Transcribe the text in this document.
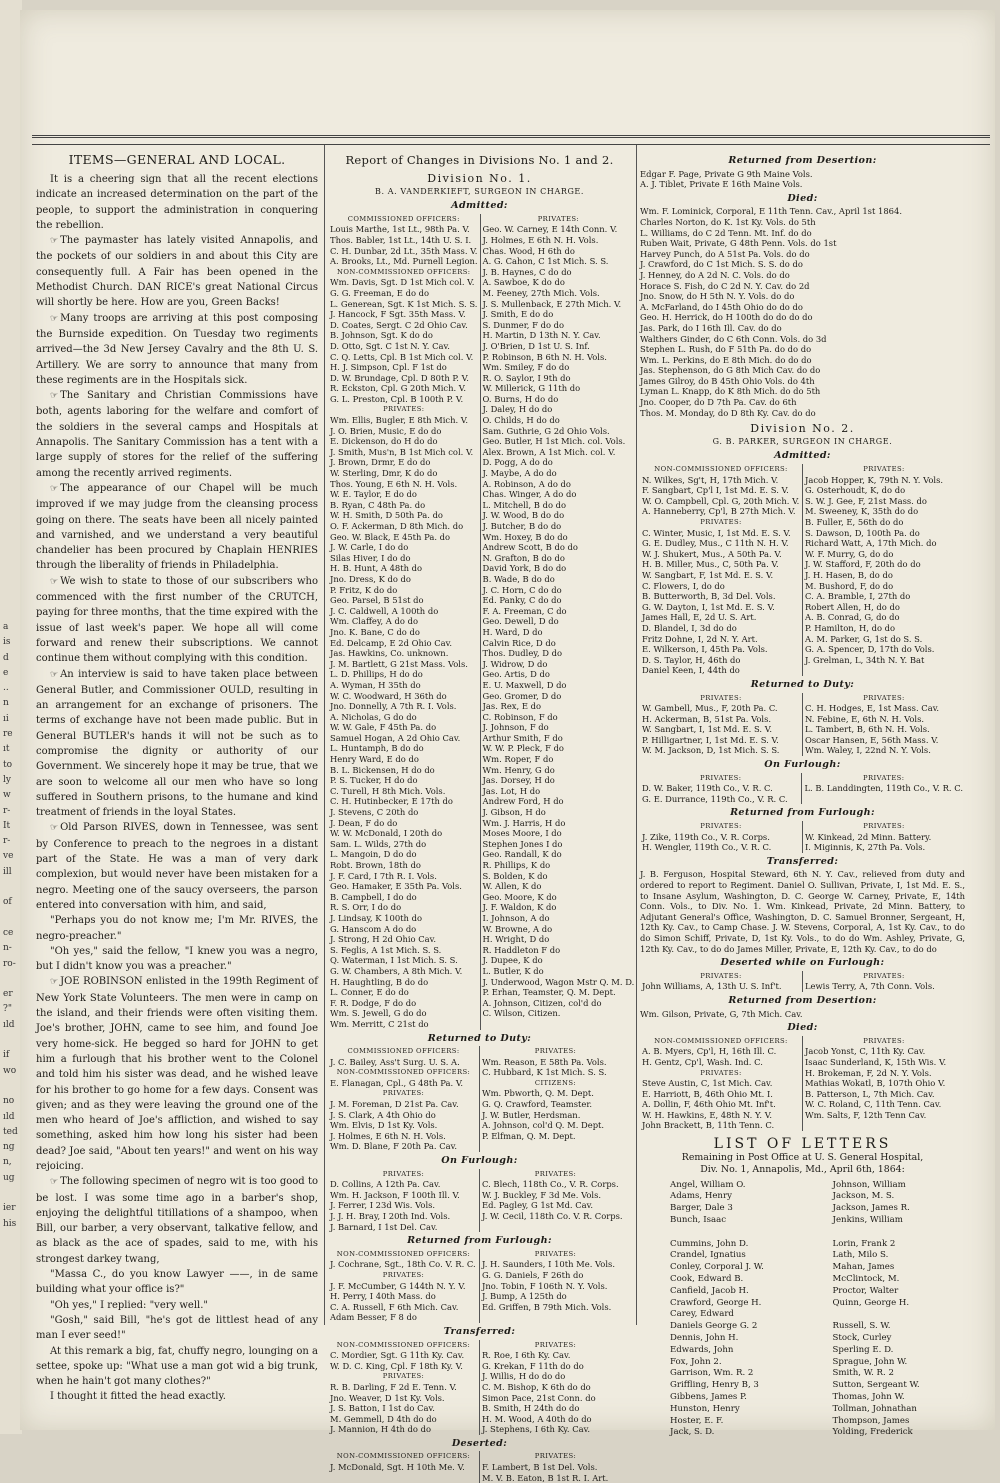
a
is
d
e
..
n
ıi
re
ıt
to
ly
w
r-
It
r-
ve
ill

of

ce
n-
ro-

er
?"
ıld

if
wo

no
ıld
ted
ng
n,
ug

ier
his
ITEMS—GENERAL AND LOCAL.

It is a cheering sign that all the recent elections indicate an increased determination on the part of the people, to support the administration in conquering the rebellion.

☞ The paymaster has lately visited Annapolis, and the pockets of our soldiers in and about this City are consequently full. A Fair has been opened in the Methodist Church. DAN RICE's great National Circus will shortly be here. How are you, Green Backs!

☞ Many troops are arriving at this post composing the Burnside expedition. On Tuesday two regiments arrived—the 3d New Jersey Cavalry and the 8th U. S. Artillery. We are sorry to announce that many from these regiments are in the Hospitals sick.

☞ The Sanitary and Christian Commissions have both, agents laboring for the welfare and comfort of the soldiers in the several camps and Hospitals at Annapolis. The Sanitary Commission has a tent with a large supply of stores for the relief of the suffering among the recently arrived regiments.

☞ The appearance of our Chapel will be much improved if we may judge from the cleansing process going on there. The seats have been all nicely painted and varnished, and we understand a very beautiful chandelier has been procured by Chaplain HENRIES through the liberality of friends in Philadelphia.

☞ We wish to state to those of our subscribers who commenced with the first number of the CRUTCH, paying for three months, that the time expired with the issue of last week's paper. We hope all will come forward and renew their subscriptions. We cannot continue them without complying with this condition.

☞ An interview is said to have taken place between General Butler, and Commissioner OULD, resulting in an arrangement for an exchange of prisoners. The terms of exchange have not been made public. But in General BUTLER's hands it will not be such as to compromise the dignity or authority of our Government. We sincerely hope it may be true, that we are soon to welcome all our men who have so long suffered in Southern prisons, to the humane and kind treatment of friends in the loyal States.

☞ Old Parson RIVES, down in Tennessee, was sent by Conference to preach to the negroes in a distant part of the State. He was a man of very dark complexion, but would never have been mistaken for a negro. Meeting one of the saucy overseers, the parson entered into conversation with him, and said,

"Perhaps you do not know me; I'm Mr. RIVES, the negro-preacher."

"Oh yes," said the fellow, "I knew you was a negro, but I didn't know you was a preacher."

☞ JOE ROBINSON enlisted in the 199th Regiment of New York State Volunteers. The men were in camp on the island, and their friends were often visiting them. Joe's brother, JOHN, came to see him, and found Joe very home-sick. He begged so hard for JOHN to get him a furlough that his brother went to the Colonel and told him his sister was dead, and he wished leave for his brother to go home for a few days. Consent was given; and as they were leaving the ground one of the men who heard of Joe's affliction, and wished to say something, asked him how long his sister had been dead? Joe said, "About ten years!" and went on his way rejoicing.

☞ The following specimen of negro wit is too good to be lost. I was some time ago in a barber's shop, enjoying the delightful titillations of a shampoo, when Bill, our barber, a very observant, talkative fellow, and as black as the ace of spades, said to me, with his strongest darkey twang,

"Massa C., do you know Lawyer ——, in de same building what your office is?"

"Oh yes," I replied: "very well."

"Gosh," said Bill, "he's got de littlest head of any man I ever seed!"

At this remark a big, fat, chuffy negro, lounging on a settee, spoke up: "What use a man got wid a big trunk, when he hain't got many clothes?"

I thought it fitted the head exactly.

Report of Changes in Divisions No. 1 and 2.
Division No. 1.
B. A. VANDERKIEFT, SURGEON IN CHARGE.
Admitted:
COMMISSIONED OFFICERS:
Louis Marthe, 1st Lt., 98th Pa. V.
Thos. Babler, 1st Lt., 14th U. S. I.
C. H. Dunbar, 2d Lt., 35th Mass. V.
A. Brooks, Lt., Md. Purnell Legion.
NON-COMMISSIONED OFFICERS:
Wm. Davis, Sgt. D 1st Mich col. V.
G. G. Freeman, E do do
L. Generean, Sgt. K 1st Mich. S. S.
J. Hancock, F Sgt. 35th Mass. V.
D. Coates, Sergt. C 2d Ohio Cav.
B. Johnson, Sgt. K do do
D. Otto, Sgt. C 1st N. Y. Cav.
C. Q. Letts, Cpl. B 1st Mich col. V.
H. J. Simpson, Cpl. F 1st do
D. W. Brundage, Cpl. D 80th P. V.
R. Eckston, Cpl. G 20th Mich. V.
G. L. Preston, Cpl. B 100th P. V.
PRIVATES:
Wm. Ellis, Bugler, E 8th Mich. V.
J. O. Brien, Music, E do do
E. Dickenson, do H do do
J. Smith, Mus'n, B 1st Mich col. V.
J. Brown, Drmr, E do do
W. Sterling, Dmr, K do do
Thos. Young, E 6th N. H. Vols.
W. E. Taylor, E do do
B. Ryan, C 48th Pa. do
W. H. Smith, D 50th Pa. do
O. F. Ackerman, D 8th Mich. do
Geo. W. Black, E 45th Pa. do
J. W. Carle, I do do
Silas Hiver, I do do
H. B. Hunt, A 48th do
Jno. Dress, K do do
P. Fritz, K do do
Geo. Parsel, B 51st do
J. C. Caldwell, A 100th do
Wm. Claffey, A do do
Jno. K. Bane, C do do
Ed. Delcamp, E 2d Ohio Cav.
Jas. Hawkins, Co. unknown.
J. M. Bartlett, G 21st Mass. Vols.
L. D. Phillips, H do do
A. Wyman, H 35th do
W. C. Woodward, H 36th do
Jno. Donnelly, A 7th R. I. Vols.
A. Nicholas, G do do
W. W. Gale, F 45th Pa. do
Samuel Hogan, A 2d Ohio Cav.
L. Huntamph, B do do
Henry Ward, E do do
B. L. Bickensen, H do do
P. S. Tucker, H do do
C. Turell, H 8th Mich. Vols.
C. H. Hutinbecker, E 17th do
J. Stevens, C 20th do
J. Dean, F do do
W. W. McDonald, I 20th do
Sam. L. Wilds, 27th do
L. Mangoin, D do do
Robt. Brown, 18th do
J. F. Card, I 7th R. I. Vols.
Geo. Hamaker, E 35th Pa. Vols.
B. Campbell, I do do
R. S. Orr, I do do
J. Lindsay, K 100th do
G. Hanscom A do do
J. Strong, H 2d Ohio Cav.
S. Feglis, A 1st Mich. S. S.
Q. Waterman, I 1st Mich. S. S.
G. W. Chambers, A 8th Mich. V.
H. Haughtling, B do do
L. Conner, E do do
F. R. Dodge, F do do
Wm. S. Jewell, G do do
Wm. Merritt, C 21st do
PRIVATES:
Geo. W. Carney, E 14th Conn. V.
J. Holmes, E 6th N. H. Vols.
Chas. Wood, H 6th do
A. G. Cahon, C 1st Mich. S. S.
J. B. Haynes, C do do
A. Sawboe, K do do
M. Feeney, 27th Mich. Vols.
J. S. Mullenback, E 27th Mich. V.
J. Smith, E do do
S. Dunmer, F do do
H. Martin, D 13th N. Y. Cav.
J. O'Brien, D 1st U. S. Inf.
P. Robinson, B 6th N. H. Vols.
Wm. Smiley, F do do
R. O. Saylor, I 9th do
W. Millerick, G 11th do
O. Burns, H do do
J. Daley, H do do
O. Childs, H do do
Sam. Guthrie, G 2d Ohio Vols.
Geo. Butler, H 1st Mich. col. Vols.
Alex. Brown, A 1st Mich. col. V.
D. Pogg, A do do
J. Maybe, A do do
A. Robinson, A do do
Chas. Winger, A do do
L. Mitchell, B do do
J. W. Wood, B do do
J. Butcher, B do do
Wm. Hoxey, B do do
Andrew Scott, B do do
N. Grafton, B do do
David York, B do do
B. Wade, B do do
J. C. Horn, C do do
Ed. Panky, C do do
F. A. Freeman, C do
Geo. Dewell, D do
H. Ward, D do
Calvin Rice, D do
Thos. Dudley, D do
J. Widrow, D do
Geo. Artis, D do
E. U. Maxwell, D do
Geo. Gromer, D do
Jas. Rex, E do
C. Robinson, F do
J. Johnson, F do
Arthur Smith, F do
W. W. P. Pleck, F do
Wm. Roper, F do
Wm. Henry, G do
Jas. Dorsey, H do
Jas. Lot, H do
Andrew Ford, H do
J. Gibson, H do
Wm. J. Harris, H do
Moses Moore, I do
Stephen Jones I do
Geo. Randall, K do
R. Phillips, K do
S. Bolden, K do
W. Allen, K do
Geo. Moore, K do
J. F. Waldon, K do
I. Johnson, A do
W. Browne, A do
H. Wright, D do
R. Haddleton F do
J. Dupee, K do
L. Butler, K do
J. Underwood, Wagon Mstr Q. M. D.
P. Erhan, Teamster, Q. M. Dept.
A. Johnson, Citizen, col'd do
C. Wilson, Citizen.
Returned to Duty:
COMMISSIONED OFFICERS:
J. C. Bailey, Ass't Surg. U. S. A.
NON-COMMISSIONED OFFICERS:
E. Flanagan, Cpl., G 48th Pa. V.
PRIVATES:
J. M. Foreman, D 21st Pa. Cav.
J. S. Clark, A 4th Ohio do
Wm. Elvis, D 1st Ky. Vols.
J. Holmes, E 6th N. H. Vols.
Wm. D. Blane, F 20th Pa. Cav.
PRIVATES:
Wm. Reason, E 58th Pa. Vols.
C. Hubbard, K 1st Mich. S. S.
CITIZENS:
Wm. Pbworth, Q. M. Dept.
G. Q. Crawford, Teamster.
J. W. Butler, Herdsman.
A. Johnson, col'd Q. M. Dept.
P. Elfman, Q. M. Dept.
On Furlough:
PRIVATES:
D. Collins, A 12th Pa. Cav.
Wm. H. Jackson, F 100th Ill. V.
J. Ferrer, I 23d Wis. Vols.
J. J. H. Bray, I 20th Ind. Vols.
J. Barnard, I 1st Del. Cav.
PRIVATES:
C. Blech, 118th Co., V. R. Corps.
W. J. Buckley, F 3d Me. Vols.
Ed. Pagley, G 1st Md. Cav.
J. W. Cecil, 118th Co. V. R. Corps.
Returned from Furlough:
NON-COMMISSIONED OFFICERS:
J. Cochrane, Sgt., 18th Co. V. R. C.
PRIVATES:
J. F. McCumber, G 144th N. Y. V.
H. Perry, I 40th Mass. do
C. A. Russell, F 6th Mich. Cav.
Adam Besser, F 8 do
PRIVATES:
J. H. Saunders, I 10th Me. Vols.
G. G. Daniels, F 26th do
Jno. Tobin, F 106th N. Y. Vols.
J. Bump, A 125th do
Ed. Griffen, B 79th Mich. Vols.
Transferred:
NON-COMMISSIONED OFFICERS:
C. Mordier, Sgt. G 11th Ky. Cav.
W. D. C. King, Cpl. F 18th Ky. V.
PRIVATES:
R. B. Darling, F 2d E. Tenn. V.
Jno. Weaver, D 1st Ky. Vols.
J. S. Batton, I 1st do Cav.
M. Gemmell, D 4th do do
J. Mannion, H 4th do do
PRIVATES:
R. Roe, I 6th Ky. Cav.
G. Krekan, F 11th do do
J. Willis, H do do do
C. M. Bishop, K 6th do do
Simon Pace, 21st Conn. do
B. Smith, H 24th do do
H. M. Wood, A 40th do do
J. Stephens, I 6th Ky. Cav.
Deserted:
NON-COMMISSIONED OFFICERS:
J. McDonald, Sgt. H 10th Me. V.
PRIVATES:
F. Lambert, B 1st Del. Vols.
M. V. B. Eaton, B 1st R. I. Art.
Returned from Desertion:
Edgar F. Page, Private G 9th Maine Vols.
A. J. Tiblet, Private E 16th Maine Vols.
Died:
Wm. F. Lominick, Corporal, E 11th Tenn. Cav., April 1st 1864.
Charles Norton, do K. 1st Ky. Vols. do 5th
L. Williams, do C 2d Tenn. Mt. Inf. do do
Ruben Wait, Private, G 48th Penn. Vols. do 1st
Harvey Punch, do A 51st Pa. Vols. do do
J. Crawford, do C 1st Mich. S. S. do do
J. Henney, do A 2d N. C. Vols. do do
Horace S. Fish, do C 2d N. Y. Cav. do 2d
Jno. Snow, do H 5th N. Y. Vols. do do
A. McFarland, do I 45th Ohio do do do
Geo. H. Herrick, do H 100th do do do do
Jas. Park, do I 16th Ill. Cav. do do
Walthers Ginder, do C 6th Conn. Vols. do 3d
Stephen L. Rush, do F 51th Pa. do do do
Wm. L. Perkins, do E 8th Mich. do do do
Jas. Stephenson, do G 8th Mich Cav. do do
James Gilroy, do B 45th Ohio Vols. do 4th
Lyman L. Knapp, do K 8th Mich. do do 5th
Jno. Cooper, do D 7th Pa. Cav. do 6th
Thos. M. Monday, do D 8th Ky. Cav. do do
Division No. 2.
G. B. PARKER, SURGEON IN CHARGE.
Admitted:
NON-COMMISSIONED OFFICERS:
N. Wilkes, Sg't, H, 17th Mich. V.
F. Sangbart, Cp'l I, 1st Md. E. S. V.
W. O. Campbell, Cpl. G, 20th Mich. V.
A. Hanneberry, Cp'l, B 27th Mich. V.
PRIVATES:
C. Winter, Music, I, 1st Md. E. S. V.
G. E. Dudley, Mus., C 11th N. H. V.
W. J. Shukert, Mus., A 50th Pa. V.
H. B. Miller, Mus., C, 50th Pa. V.
W. Sangbart, F, 1st Md. E. S. V.
C. Flowers, I, do do
B. Butterworth, B, 3d Del. Vols.
G. W. Dayton, I, 1st Md. E. S. V.
James Hall, E, 2d U. S. Art.
D. Blandel, I, 3d do do
Fritz Dohne, I, 2d N. Y. Art.
E. Wilkerson, I, 45th Pa. Vols.
D. S. Taylor, H, 46th do
Daniel Keen, I, 44th do
PRIVATES:
Jacob Hopper, K, 79th N. Y. Vols.
G. Osterhoudt, K, do do
S. W. J. Gee, F, 21st Mass. do
M. Sweeney, K, 35th do do
B. Fuller, E, 56th do do
S. Dawson, D, 100th Pa. do
Richard Watt, A, 17th Mich. do
W. F. Murry, G, do do
J. W. Stafford, F, 20th do do
J. H. Hasen, B, do do
M. Bushord, F, do do
C. A. Bramble, I, 27th do
Robert Allen, H, do do
A. B. Conrad, G, do do
P. Hamilton, H, do do
A. M. Parker, G, 1st do S. S.
G. A. Spencer, D, 17th do Vols.
J. Grelman, L, 34th N. Y. Bat
Returned to Duty:
PRIVATES:
W. Gambell, Mus., F, 20th Pa. C.
H. Ackerman, B, 51st Pa. Vols.
W. Sangbart, I, 1st Md. E. S. V.
P. Hilligartner, I, 1st Md. E. S. V.
W. M. Jackson, D, 1st Mich. S. S.
PRIVATES:
C. H. Hodges, E, 1st Mass. Cav.
N. Febine, E, 6th N. H. Vols.
L. Tambert, B, 6th N. H. Vols.
Oscar Hansen, E, 56th Mass. V.
Wm. Waley, I, 22nd N. Y. Vols.
On Furlough:
PRIVATES:
D. W. Baker, 119th Co., V. R. C.
G. E. Durrance, 119th Co., V. R. C.
PRIVATES:
L. B. Landdingten, 119th Co., V. R. C.
Returned from Furlough:
PRIVATES:
J. Zike, 119th Co., V. R. Corps.
H. Wengler, 119th Co., V. R. C.
PRIVATES:
W. Kinkead, 2d Minn. Battery.
I. Miginnis, K, 27th Pa. Vols.
Transferred:
J. B. Ferguson, Hospital Steward, 6th N. Y. Cav., relieved from duty and ordered to report to Regiment. Daniel O. Sullivan, Private, I, 1st Md. E. S., to Insane Asylum, Washington, D. C. George W. Carney, Private, E, 14th Conn. Vols., to Div. No. 1. Wm. Kinkead, Private, 2d Minn. Battery, to Adjutant General's Office, Washington, D. C. Samuel Bronner, Sergeant, H, 12th Ky. Cav., to Camp Chase. J. W. Stevens, Corporal, A, 1st Ky. Cav., to do do Simon Schiff, Private, D, 1st Ky. Vols., to do do Wm. Ashley, Private, G, 12th Ky. Cav., to do do James Miller, Private, E, 12th Ky. Cav., to do do
Deserted while on Furlough:
PRIVATES:
John Williams, A, 13th U. S. Inf't.
PRIVATES:
Lewis Terry, A, 7th Conn. Vols.
Returned from Desertion:
Wm. Gilson, Private, G, 7th Mich. Cav.
Died:
NON-COMMISSIONED OFFICERS:
A. B. Myers, Cp'l, H, 16th Ill. C.
H. Gentz, Cp'l, Wash. Ind. C.
PRIVATES:
Steve Austin, C, 1st Mich. Cav.
E. Harriott, B, 46th Ohio Mt. I.
A. Dollin, F, 46th Ohio Mt. Inf't.
W. H. Hawkins, E, 48th N. Y. V.
John Brackett, B, 11th Tenn. C.
PRIVATES:
Jacob Yonst, C, 11th Ky. Cav.
Isaac Sunderland, K, 15th Wis. V.
H. Brokeman, F, 2d N. Y. Vols.
Mathias Wokatl, B, 107th Ohio V.
B. Patterson, L, 7th Mich. Cav.
W. C. Roland, C, 11th Tenn. Cav.
Wm. Salts, F, 12th Tenn Cav.
LIST OF LETTERS
Remaining in Post Office at U. S. General Hospital,
Div. No. 1, Annapolis, Md., April 6th, 1864:
Angel, William O.
Adams, Henry
Barger, Dale 3
Bunch, Isaac

Cummins, John D.
Crandel, Ignatius
Conley, Corporal J. W.
Cook, Edward B.
Canfield, Jacob H.
Crawford, George H.
Carey, Edward
Daniels George G. 2
Dennis, John H.
Edwards, John
Fox, John 2.
Garrison, Wm. R. 2
Griffling, Henry B, 3
Gibbens, James P.
Hunston, Henry
Hoster, E. F.
Jack, S. D.
Johnson, William
Jackson, M. S.
Jackson, James R.
Jenkins, William

Lorin, Frank 2
Lath, Milo S.
Mahan, James
McClintock, M.
Proctor, Walter
Quinn, George H.

Russell, S. W.
Stock, Curley
Sperling E. D.
Sprague, John W.
Smith, W. R. 2
Sutton, Sergeant W.
Thomas, John W.
Tollman, Johnathan
Thompson, James
Yolding, Frederick
